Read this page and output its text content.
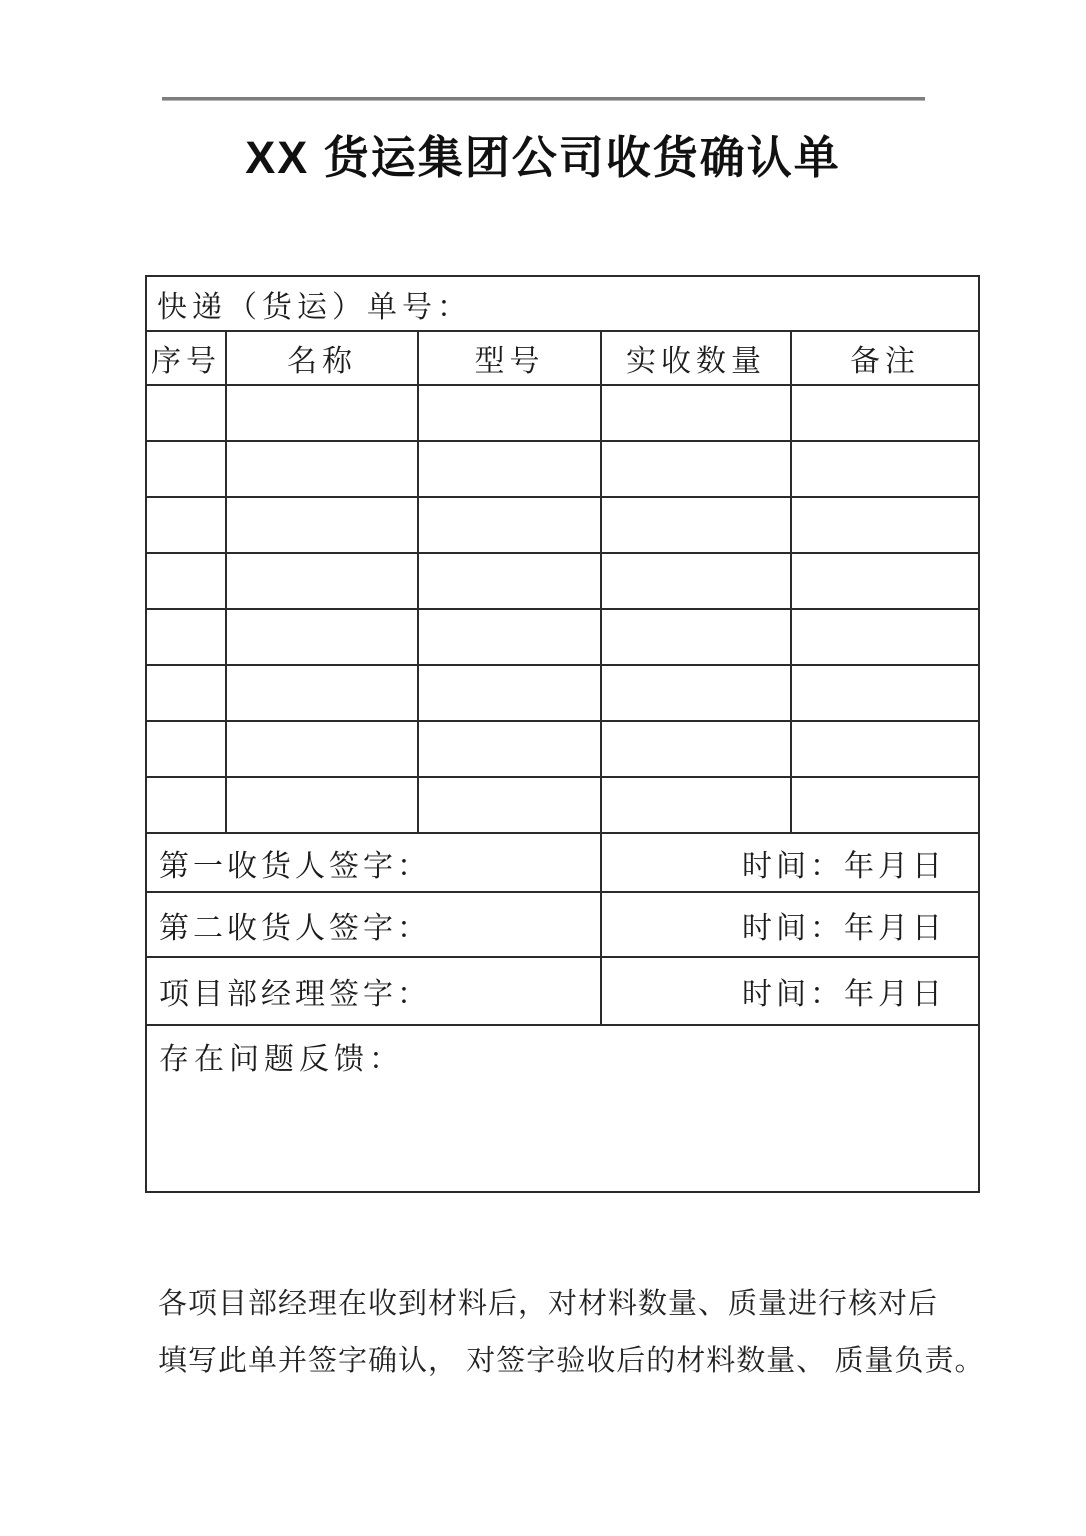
XX 货运集团公司收货确认单
快递（货运）单号：				
序号	名称	型号	实收数量	备注

第一收货人签字：			时间：年月日	
第二收货人签字：			时间：年月日	
项目部经理签字：			时间：年月日	
存在问题反馈：				
各项目部经理在收到材料后，对材料数量、质量进行核对后
填写此单并签字确认， 对签字验收后的材料数量、 质量负责。
